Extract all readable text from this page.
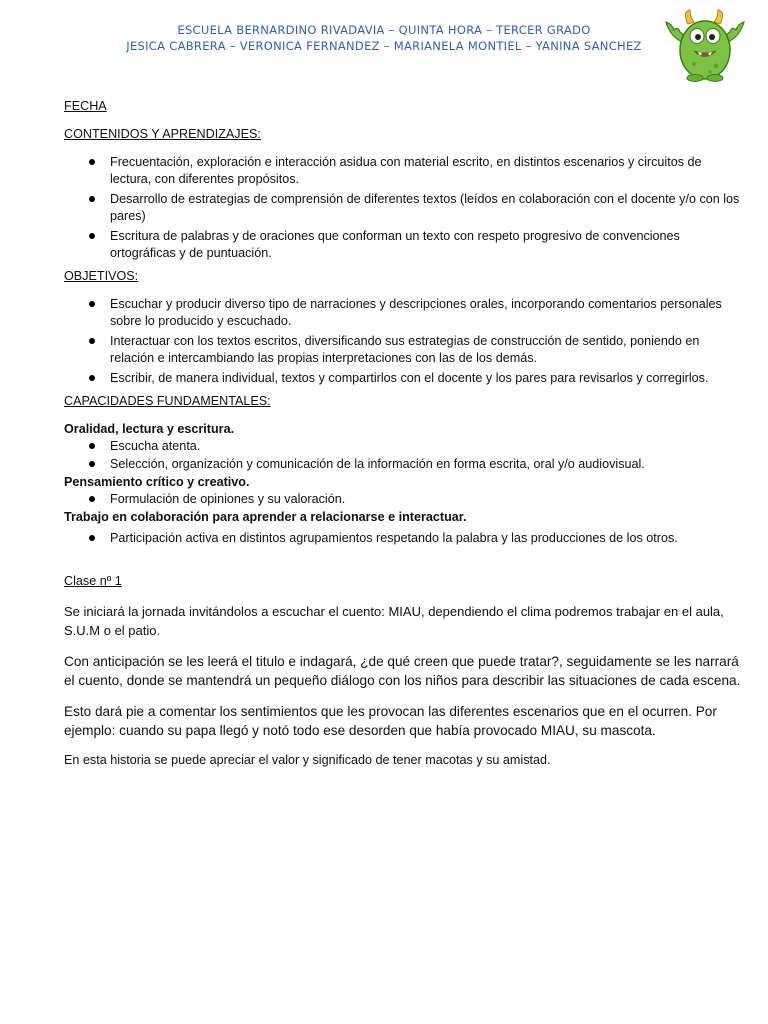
ESCUELA BERNARDINO RIVADAVIA – QUINTA HORA – TERCER GRADO
JESICA CABRERA – VERONICA FERNANDEZ – MARIANELA MONTIEL – YANINA SANCHEZ
FECHA
CONTENIDOS Y APRENDIZAJES:
Frecuentación, exploración e interacción asidua con material escrito, en distintos escenarios y circuitos de lectura, con diferentes propósitos.
Desarrollo de estrategias de comprensión de diferentes textos (leídos en colaboración con el docente y/o con los pares)
Escritura de palabras y de oraciones que conforman un texto con respeto progresivo de convenciones ortográficas y de puntuación.
OBJETIVOS:
Escuchar y producir diverso tipo de narraciones y descripciones orales, incorporando comentarios personales sobre lo producido y escuchado.
Interactuar con los textos escritos, diversificando sus estrategias de construcción de sentido, poniendo en relación e intercambiando las propias interpretaciones con las de los demás.
Escribir, de manera individual, textos y compartirlos con el docente y los pares para revisarlos y corregirlos.
CAPACIDADES FUNDAMENTALES:

Oralidad, lectura y escritura.

Escucha atenta.
Selección, organización y comunicación de la información en forma escrita, oral y/o audiovisual.

Pensamiento crítico y creativo.

Formulación de opiniones y su valoración.

Trabajo en colaboración para aprender a relacionarse e interactuar.

Participación activa en distintos agrupamientos respetando la palabra y las producciones de los otros.
Clase nº 1

Se iniciará la jornada invitándolos a escuchar el cuento: MIAU, dependiendo el clima podremos trabajar en el aula, S.U.M o el patio.

Con anticipación se les leerá el titulo e indagará, ¿de qué creen que puede tratar?, seguidamente se les narrará el cuento, donde se mantendrá un pequeño diálogo con los niños para describir las situaciones de cada escena.

Esto dará pie a comentar los sentimientos que les provocan las diferentes escenarios que en el ocurren. Por ejemplo: cuando su papa llegó y notó todo ese desorden que había provocado MIAU, su mascota.

En esta historia se puede apreciar el valor y significado de tener macotas y su amistad.
